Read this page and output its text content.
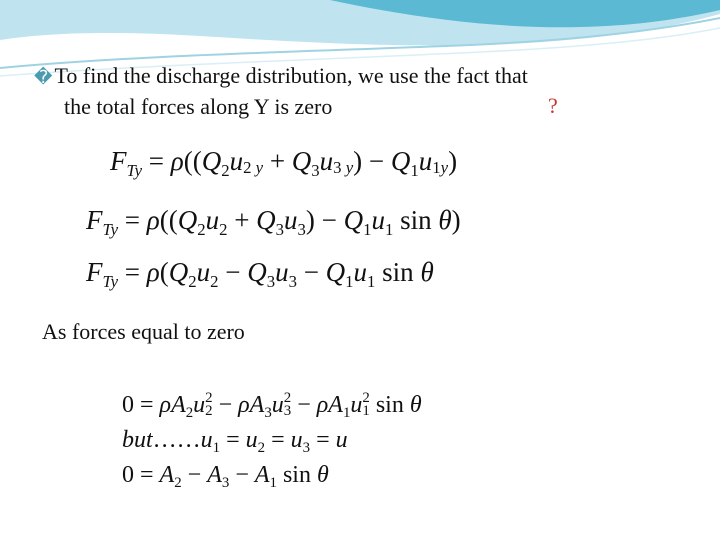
�To find the discharge distribution, we use the fact that

the total forces along Y is zero	?
$F_{Ty} = \rho((Q_2u$
2 $y + Q_3u$
3 y ) − $Q_1u$
1y )
$F_{Ty} = \rho((Q_2u_2 + Q_3u_3) - Q_1u_1$ sin θ)
$F_{Ty} = \rho(Q_2u_2 - Q_3u_3 - Q_1u_1$ sin θ

As forces equal to zero

$0 = \rho A_2u$ 2
$2 - \rho A_3u$ 2
$3 - \rho A_1u$ 2
1 sin θ
$but\dots\dots u_1 = u_2 = u_3 = u$
$0 = A_2 - A_3 - A_1$ sin θ
